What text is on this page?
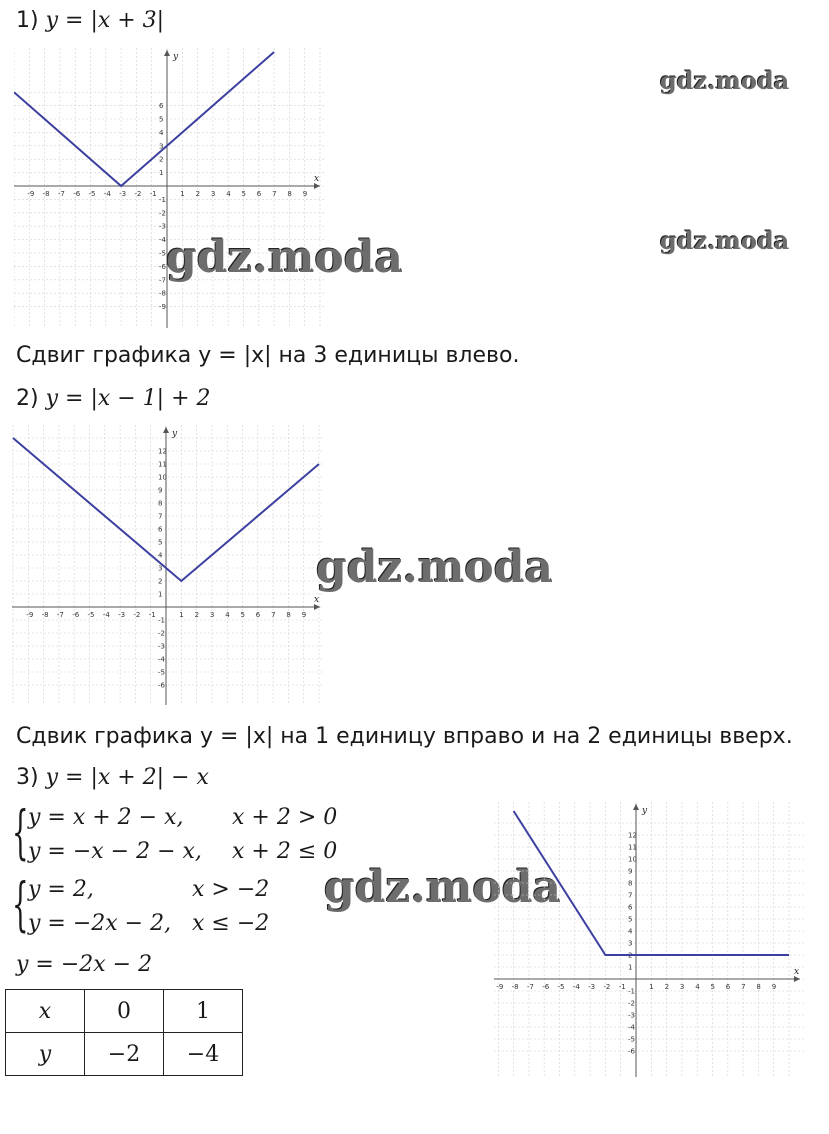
1) y = |x + 3|
x
y
-9 -8 -7 -6 -5 -4 -3 -2 -1	1 2 3 4 5 6 7 8 9
-9
-8
-7
-6
-5
-4
-3
-2
-1
1
2
3
4
5
6
gdz.moda
gdz.moda
gdz.moda
Сдвиг графика y = |x| на 3 единицы влево.
2) y = |x − 1| + 2
x
y
-9 -8 -7 -6 -5 -4 -3 -2 -1	1 2 3 4 5 6 7 8 9
-6
-5
-4
-3
-2
-1
1
2
3
4
5
6
7
8
9
10
11
12
gdz.moda
Сдвик графика y = |x| на 1 единицу вправо и на 2 единицы вверх.
3) y = |x + 2| − x
{ y = x + 2 − x, x + 2 > 0
y = −x − 2 − x, x + 2 ≤ 0
{ y = 2,	x > −2
y = −2x − 2, x ≤ −2
gdz.moda
y = −2x − 2
x	0	1
y	−2	−4
x
y
-9 -8 -7 -6 -5 -4 -3 -2 -1	1 2 3 4 5 6 7 8 9
-6
-5
-4
-3
-2
-1
1
2
3
4
5
6
7
8
9
10
11
12
